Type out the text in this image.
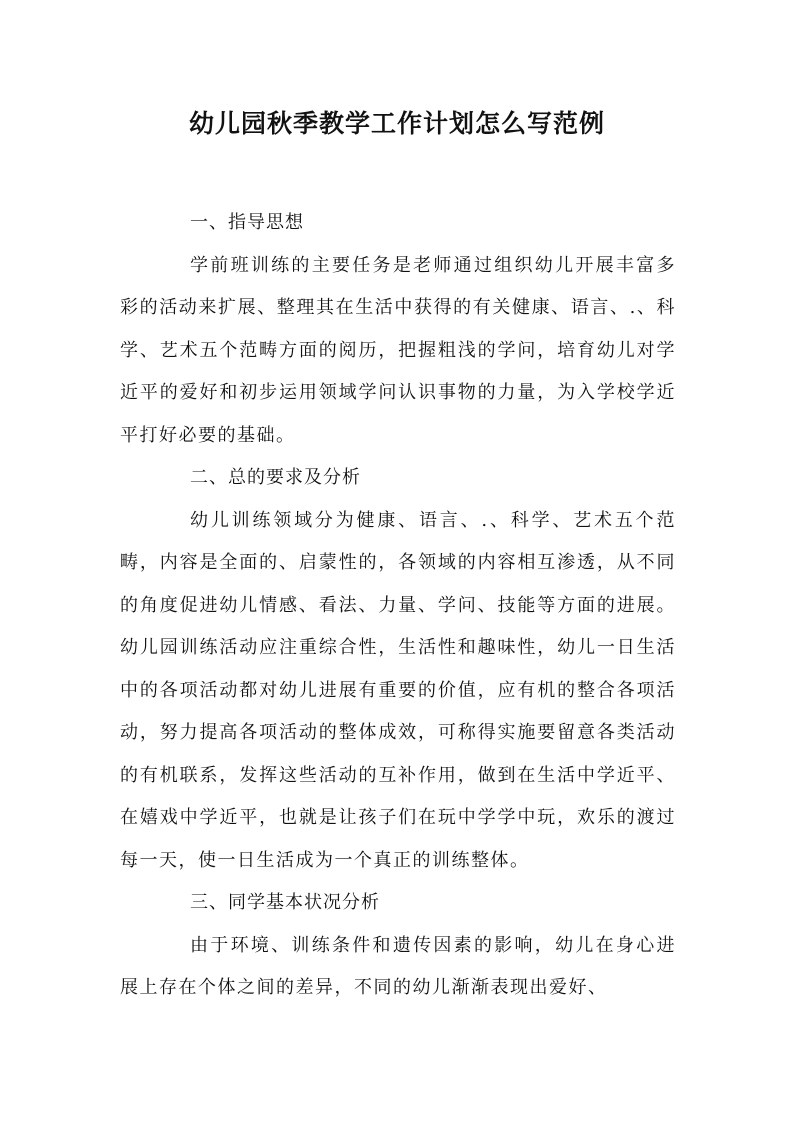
幼儿园秋季教学工作计划怎么写范例

一、指导思想

学前班训练的主要任务是老师通过组织幼儿开展丰富多彩的活动来扩展、整理其在生活中获得的有关健康、语言、.、科学、艺术五个范畴方面的阅历，把握粗浅的学问，培育幼儿对学近平的爱好和初步运用领域学问认识事物的力量，为入学校学近平打好必要的基础。

二、总的要求及分析

幼儿训练领域分为健康、语言、.、科学、艺术五个范畴，内容是全面的、启蒙性的，各领域的内容相互渗透，从不同的角度促进幼儿情感、看法、力量、学问、技能等方面的进展。幼儿园训练活动应注重综合性，生活性和趣味性，幼儿一日生活中的各项活动都对幼儿进展有重要的价值，应有机的整合各项活动，努力提高各项活动的整体成效，可称得实施要留意各类活动的有机联系，发挥这些活动的互补作用，做到在生活中学近平、在嬉戏中学近平，也就是让孩子们在玩中学学中玩，欢乐的渡过每一天，使一日生活成为一个真正的训练整体。

三、同学基本状况分析

由于环境、训练条件和遗传因素的影响，幼儿在身心进展上存在个体之间的差异，不同的幼儿渐渐表现出爱好、
